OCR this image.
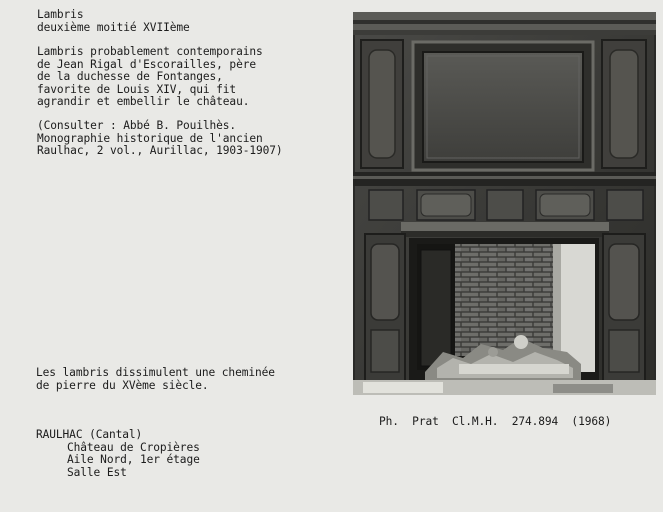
Lambris
deuxième moitié XVIIème
Lambris probablement contemporains
de Jean Rigal d'Escorailles, père
de la duchesse de Fontanges,
favorite de Louis XIV, qui fit
agrandir et embellir le château.
(Consulter : Abbé B. Pouilhès.
Monographie historique de l'ancien
Raulhac, 2 vol., Aurillac, 1903-1907)
Les lambris dissimulent une cheminée
de pierre du XVème siècle.
Ph.  Prat  Cl.M.H.  274.894  (1968)
RAULHAC (Cantal)
Château de Cropières
Aile Nord, 1er étage
Salle Est
